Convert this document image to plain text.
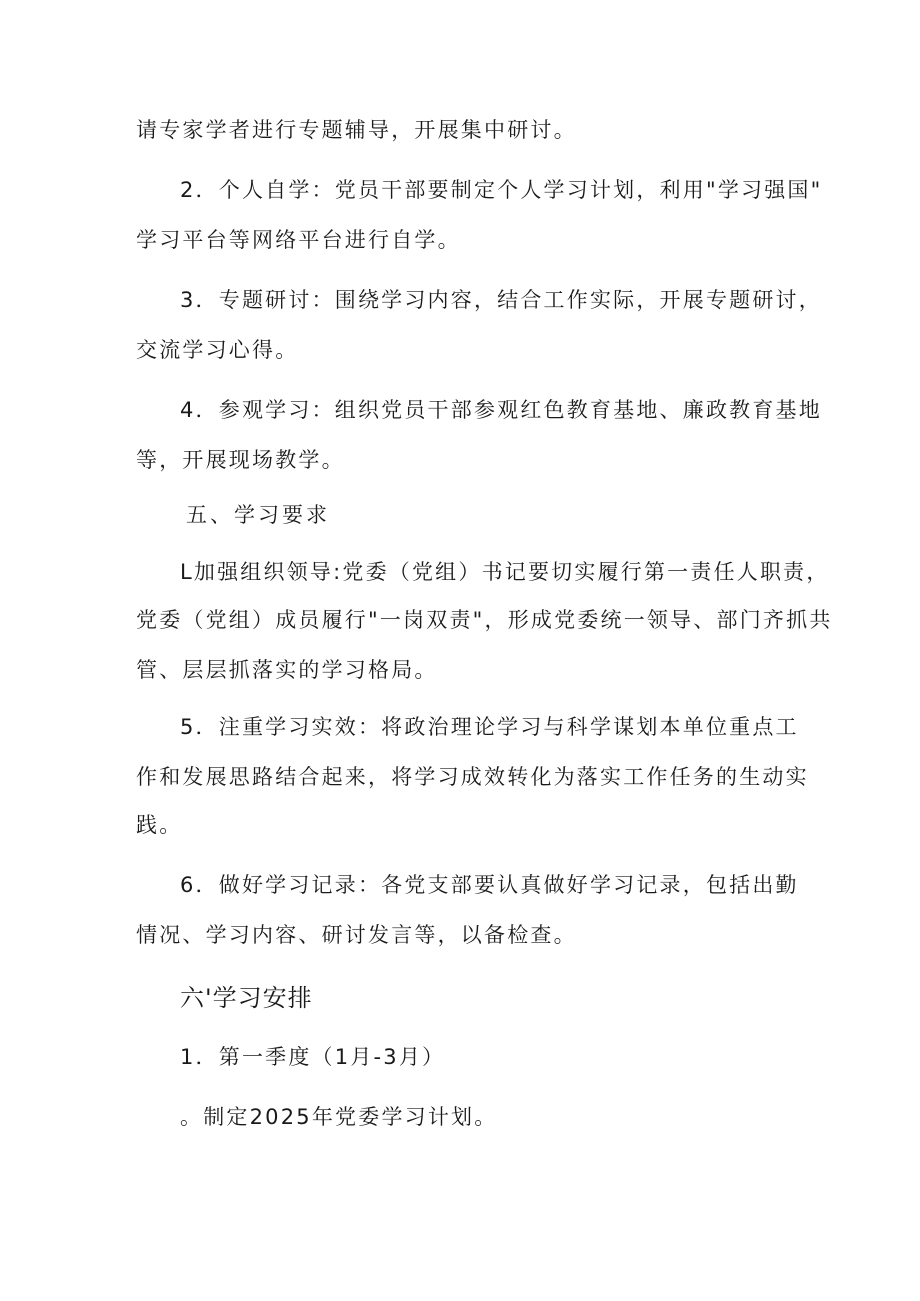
请专家学者进行专题辅导，开展集中研讨。
2．个人自学：党员干部要制定个人学习计划，利用"学习强国"
学习平台等网络平台进行自学。
3．专题研讨：围绕学习内容，结合工作实际，开展专题研讨，
交流学习心得。
4．参观学习：组织党员干部参观红色教育基地、廉政教育基地
等，开展现场教学。
五、学习要求
L加强组织领导:党委（党组）书记要切实履行第一责任人职责，
党委（党组）成员履行"一岗双责"，形成党委统一领导、部门齐抓共
管、层层抓落实的学习格局。
5．注重学习实效：将政治理论学习与科学谋划本单位重点工
作和发展思路结合起来，将学习成效转化为落实工作任务的生动实
践。
6．做好学习记录：各党支部要认真做好学习记录，包括出勤
情况、学习内容、研讨发言等，以备检查。
六'学习安排
1．第一季度（1月-3月）
。制定2025年党委学习计划。
